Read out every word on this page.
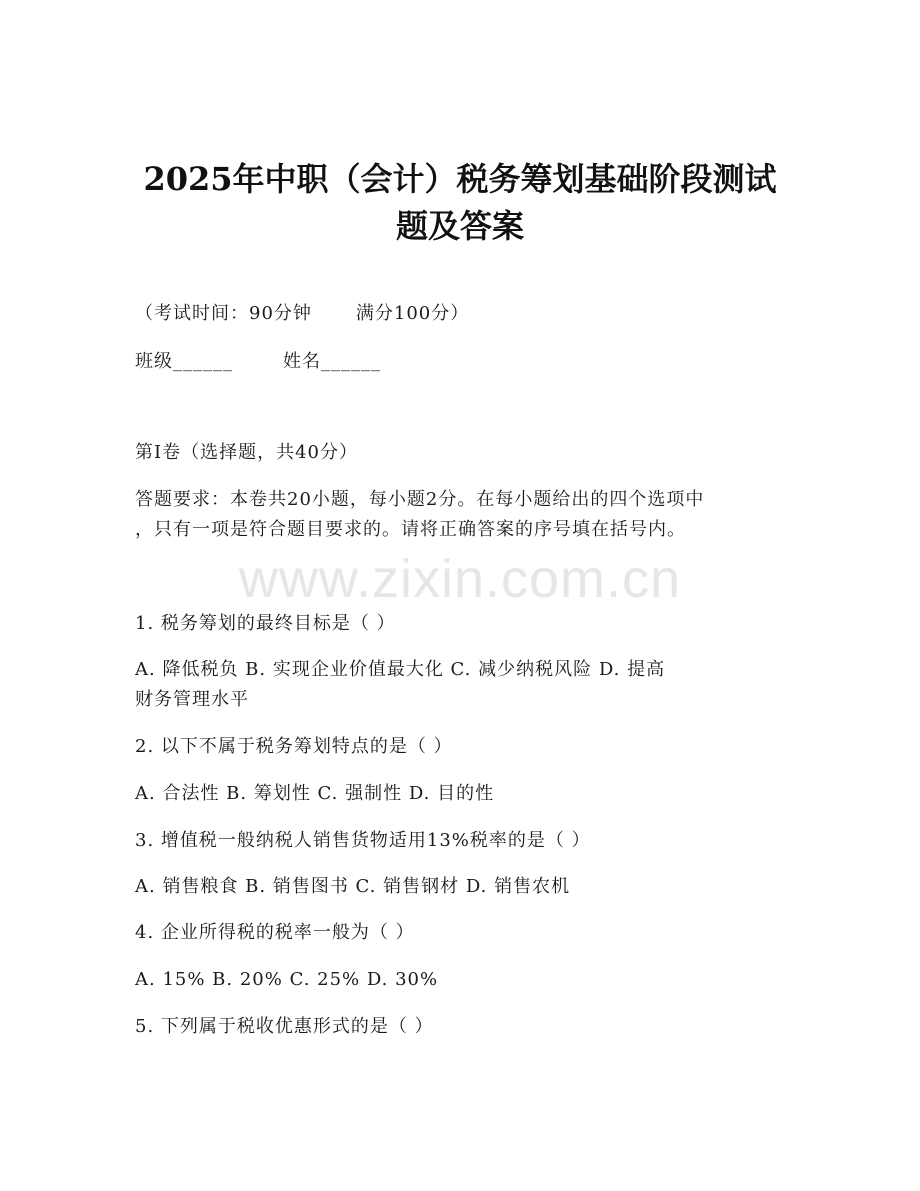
2025年中职（会计）税务筹划基础阶段测试
题及答案
（考试时间：90分钟 满分100分）
班级______	姓名______
第I卷（选择题，共40分）
答题要求：本卷共20小题，每小题2分。在每小题给出的四个选项中
，只有一项是符合题目要求的。请将正确答案的序号填在括号内。
www.zixin.com.cn
1. 税务筹划的最终目标是（ ）
A. 降低税负 B. 实现企业价值最大化 C. 减少纳税风险 D. 提高
财务管理水平
2. 以下不属于税务筹划特点的是（ ）
A. 合法性 B. 筹划性 C. 强制性 D. 目的性
3. 增值税一般纳税人销售货物适用13%税率的是（ ）
A. 销售粮食 B. 销售图书 C. 销售钢材 D. 销售农机
4. 企业所得税的税率一般为（ ）
A. 15% B. 20% C. 25% D. 30%
5. 下列属于税收优惠形式的是（ ）
